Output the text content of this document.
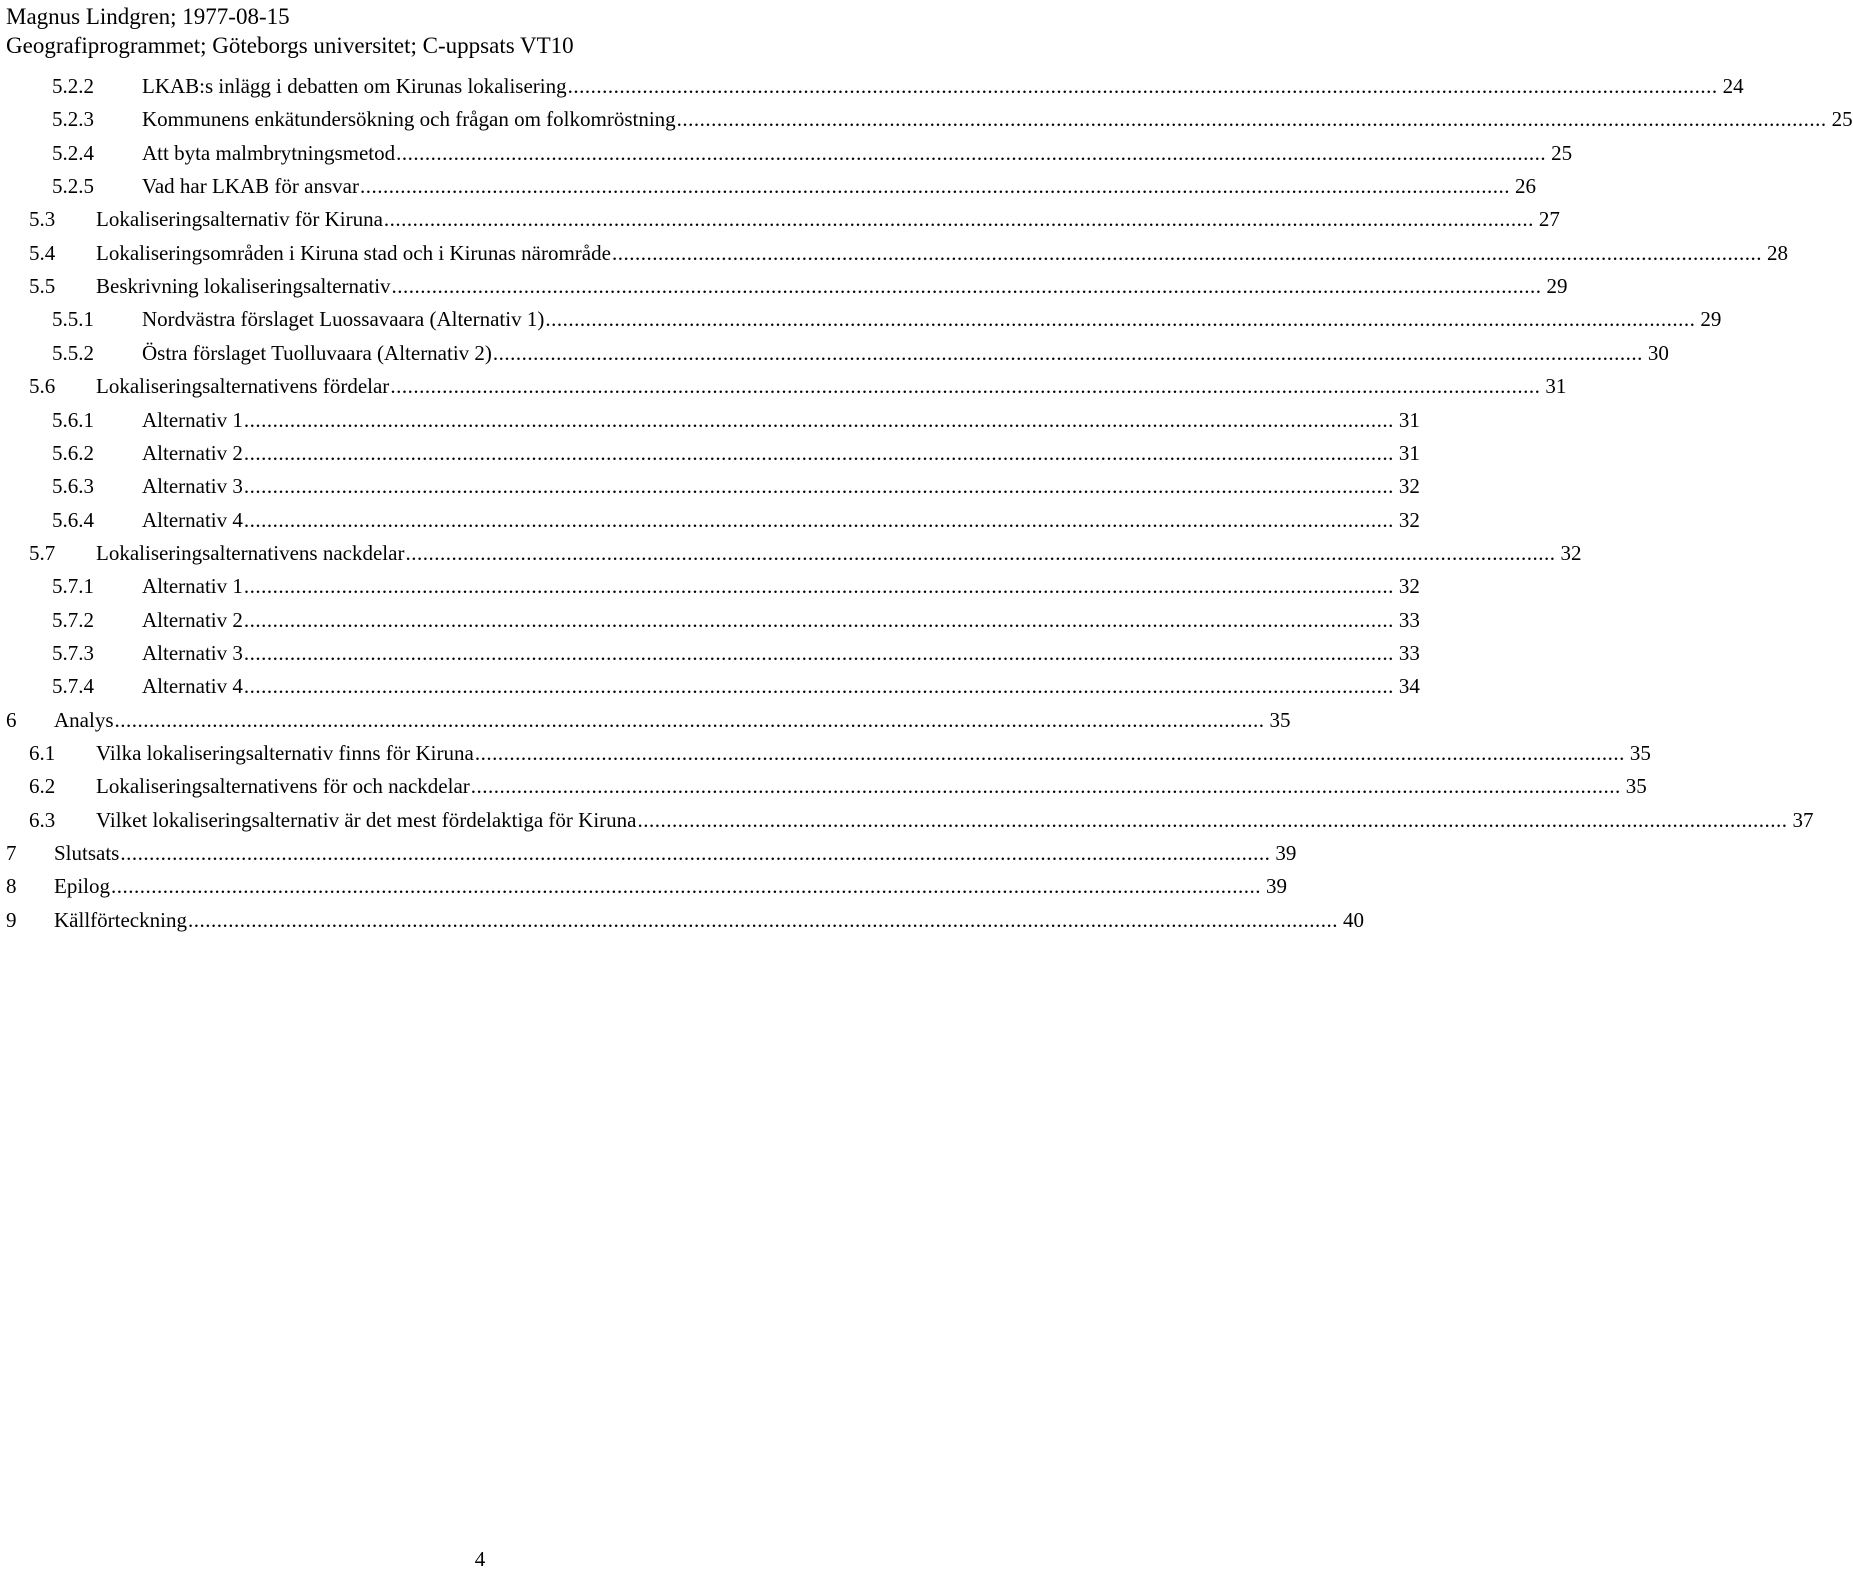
Magnus Lindgren; 1977-08-15
Geografiprogrammet; Göteborgs universitet; C-uppsats VT10
5.2.2 LKAB:s inlägg i debatten om Kirunas lokalisering ........................................................................................................................................................................................................ 24
5.2.3 Kommunens enkätundersökning och frågan om folkomröstning ........................................................................................................................................................................................................ 25
5.2.4 Att byta malmbrytningsmetod ........................................................................................................................................................................................................ 25
5.2.5 Vad har LKAB för ansvar ........................................................................................................................................................................................................ 26
5.3 Lokaliseringsalternativ för Kiruna ........................................................................................................................................................................................................ 27
5.4 Lokaliseringsområden i Kiruna stad och i Kirunas närområde ........................................................................................................................................................................................................ 28
5.5 Beskrivning lokaliseringsalternativ ........................................................................................................................................................................................................ 29
5.5.1 Nordvästra förslaget Luossavaara (Alternativ 1) ........................................................................................................................................................................................................ 29
5.5.2 Östra förslaget Tuolluvaara (Alternativ 2) ........................................................................................................................................................................................................ 30
5.6 Lokaliseringsalternativens fördelar ........................................................................................................................................................................................................ 31
5.6.1 Alternativ 1 ........................................................................................................................................................................................................ 31
5.6.2 Alternativ 2 ........................................................................................................................................................................................................ 31
5.6.3 Alternativ 3 ........................................................................................................................................................................................................ 32
5.6.4 Alternativ 4 ........................................................................................................................................................................................................ 32
5.7 Lokaliseringsalternativens nackdelar ........................................................................................................................................................................................................ 32
5.7.1 Alternativ 1 ........................................................................................................................................................................................................ 32
5.7.2 Alternativ 2 ........................................................................................................................................................................................................ 33
5.7.3 Alternativ 3 ........................................................................................................................................................................................................ 33
5.7.4 Alternativ 4 ........................................................................................................................................................................................................ 34
6 Analys ........................................................................................................................................................................................................ 35
6.1 Vilka lokaliseringsalternativ finns för Kiruna ........................................................................................................................................................................................................ 35
6.2 Lokaliseringsalternativens för och nackdelar ........................................................................................................................................................................................................ 35
6.3 Vilket lokaliseringsalternativ är det mest fördelaktiga för Kiruna ........................................................................................................................................................................................................ 37
7 Slutsats ........................................................................................................................................................................................................ 39
8 Epilog ........................................................................................................................................................................................................ 39
9 Källförteckning ........................................................................................................................................................................................................ 40
4
